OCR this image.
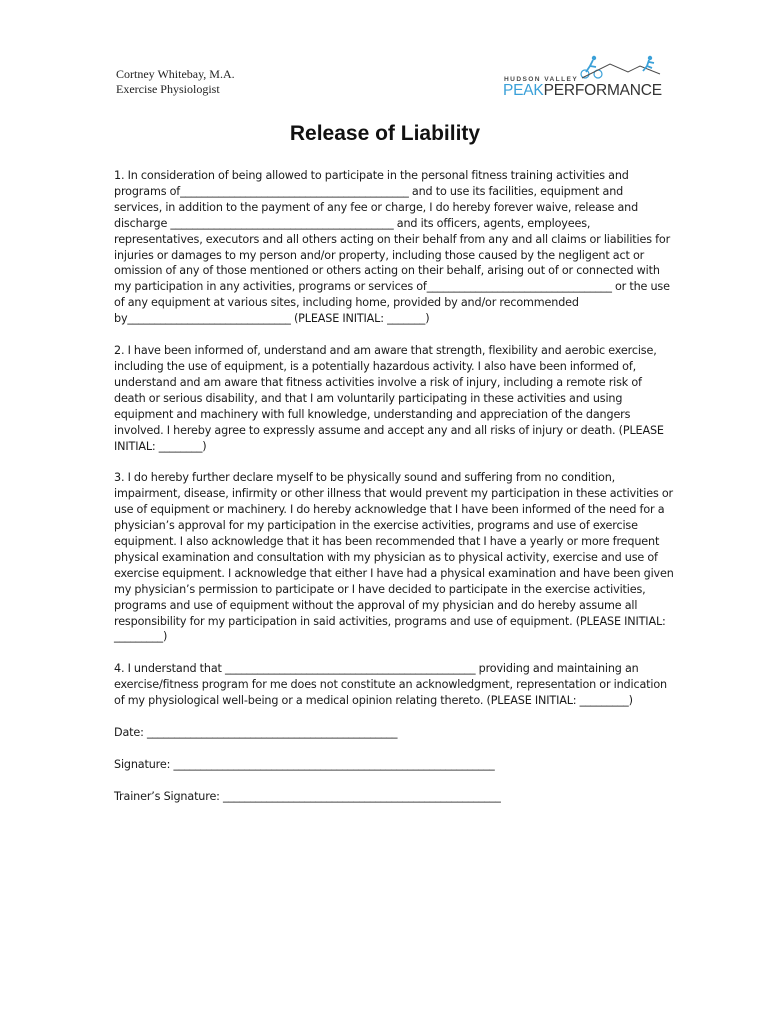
Cortney Whitebay, M.A.
Exercise Physiologist
HUDSON VALLEY
PEAKPERFORMANCE
Release of Liability

1. In consideration of being allowed to participate in the personal fitness training activities and programs of__________________________________________ and to use its facilities, equipment and services, in addition to the payment of any fee or charge, I do hereby forever waive, release and discharge _________________________________________ and its officers, agents, employees, representatives, executors and all others acting on their behalf from any and all claims or liabilities for injuries or damages to my person and/or property, including those caused by the negligent act or omission of any of those mentioned or others acting on their behalf, arising out of or connected with my participation in any activities, programs or services of__________________________________ or the use of any equipment at various sites, including home, provided by and/or recommended by______________________________ (PLEASE INITIAL: _______)

2. I have been informed of, understand and am aware that strength, flexibility and aerobic exercise, including the use of equipment, is a potentially hazardous activity. I also have been informed of, understand and am aware that fitness activities involve a risk of injury, including a remote risk of death or serious disability, and that I am voluntarily participating in these activities and using equipment and machinery with full knowledge, understanding and appreciation of the dangers involved. I hereby agree to expressly assume and accept any and all risks of injury or death. (PLEASE INITIAL: ________)

3. I do hereby further declare myself to be physically sound and suffering from no condition, impairment, disease, infirmity or other illness that would prevent my participation in these activities or use of equipment or machinery. I do hereby acknowledge that I have been informed of the need for a physician’s approval for my participation in the exercise activities, programs and use of exercise equipment. I also acknowledge that it has been recommended that I have a yearly or more frequent physical examination and consultation with my physician as to physical activity, exercise and use of exercise equipment. I acknowledge that either I have had a physical examination and have been given my physician’s permission to participate or I have decided to participate in the exercise activities, programs and use of equipment without the approval of my physician and do hereby assume all responsibility for my participation in said activities, programs and use of equipment. (PLEASE INITIAL: _________)

4. I understand that ______________________________________________ providing and maintaining an exercise/fitness program for me does not constitute an acknowledgment, representation or indication of my physiological well-being or a medical opinion relating thereto. (PLEASE INITIAL: _________)

Date: ______________________________________________
Signature: ___________________________________________________________
Trainer’s Signature: ___________________________________________________
